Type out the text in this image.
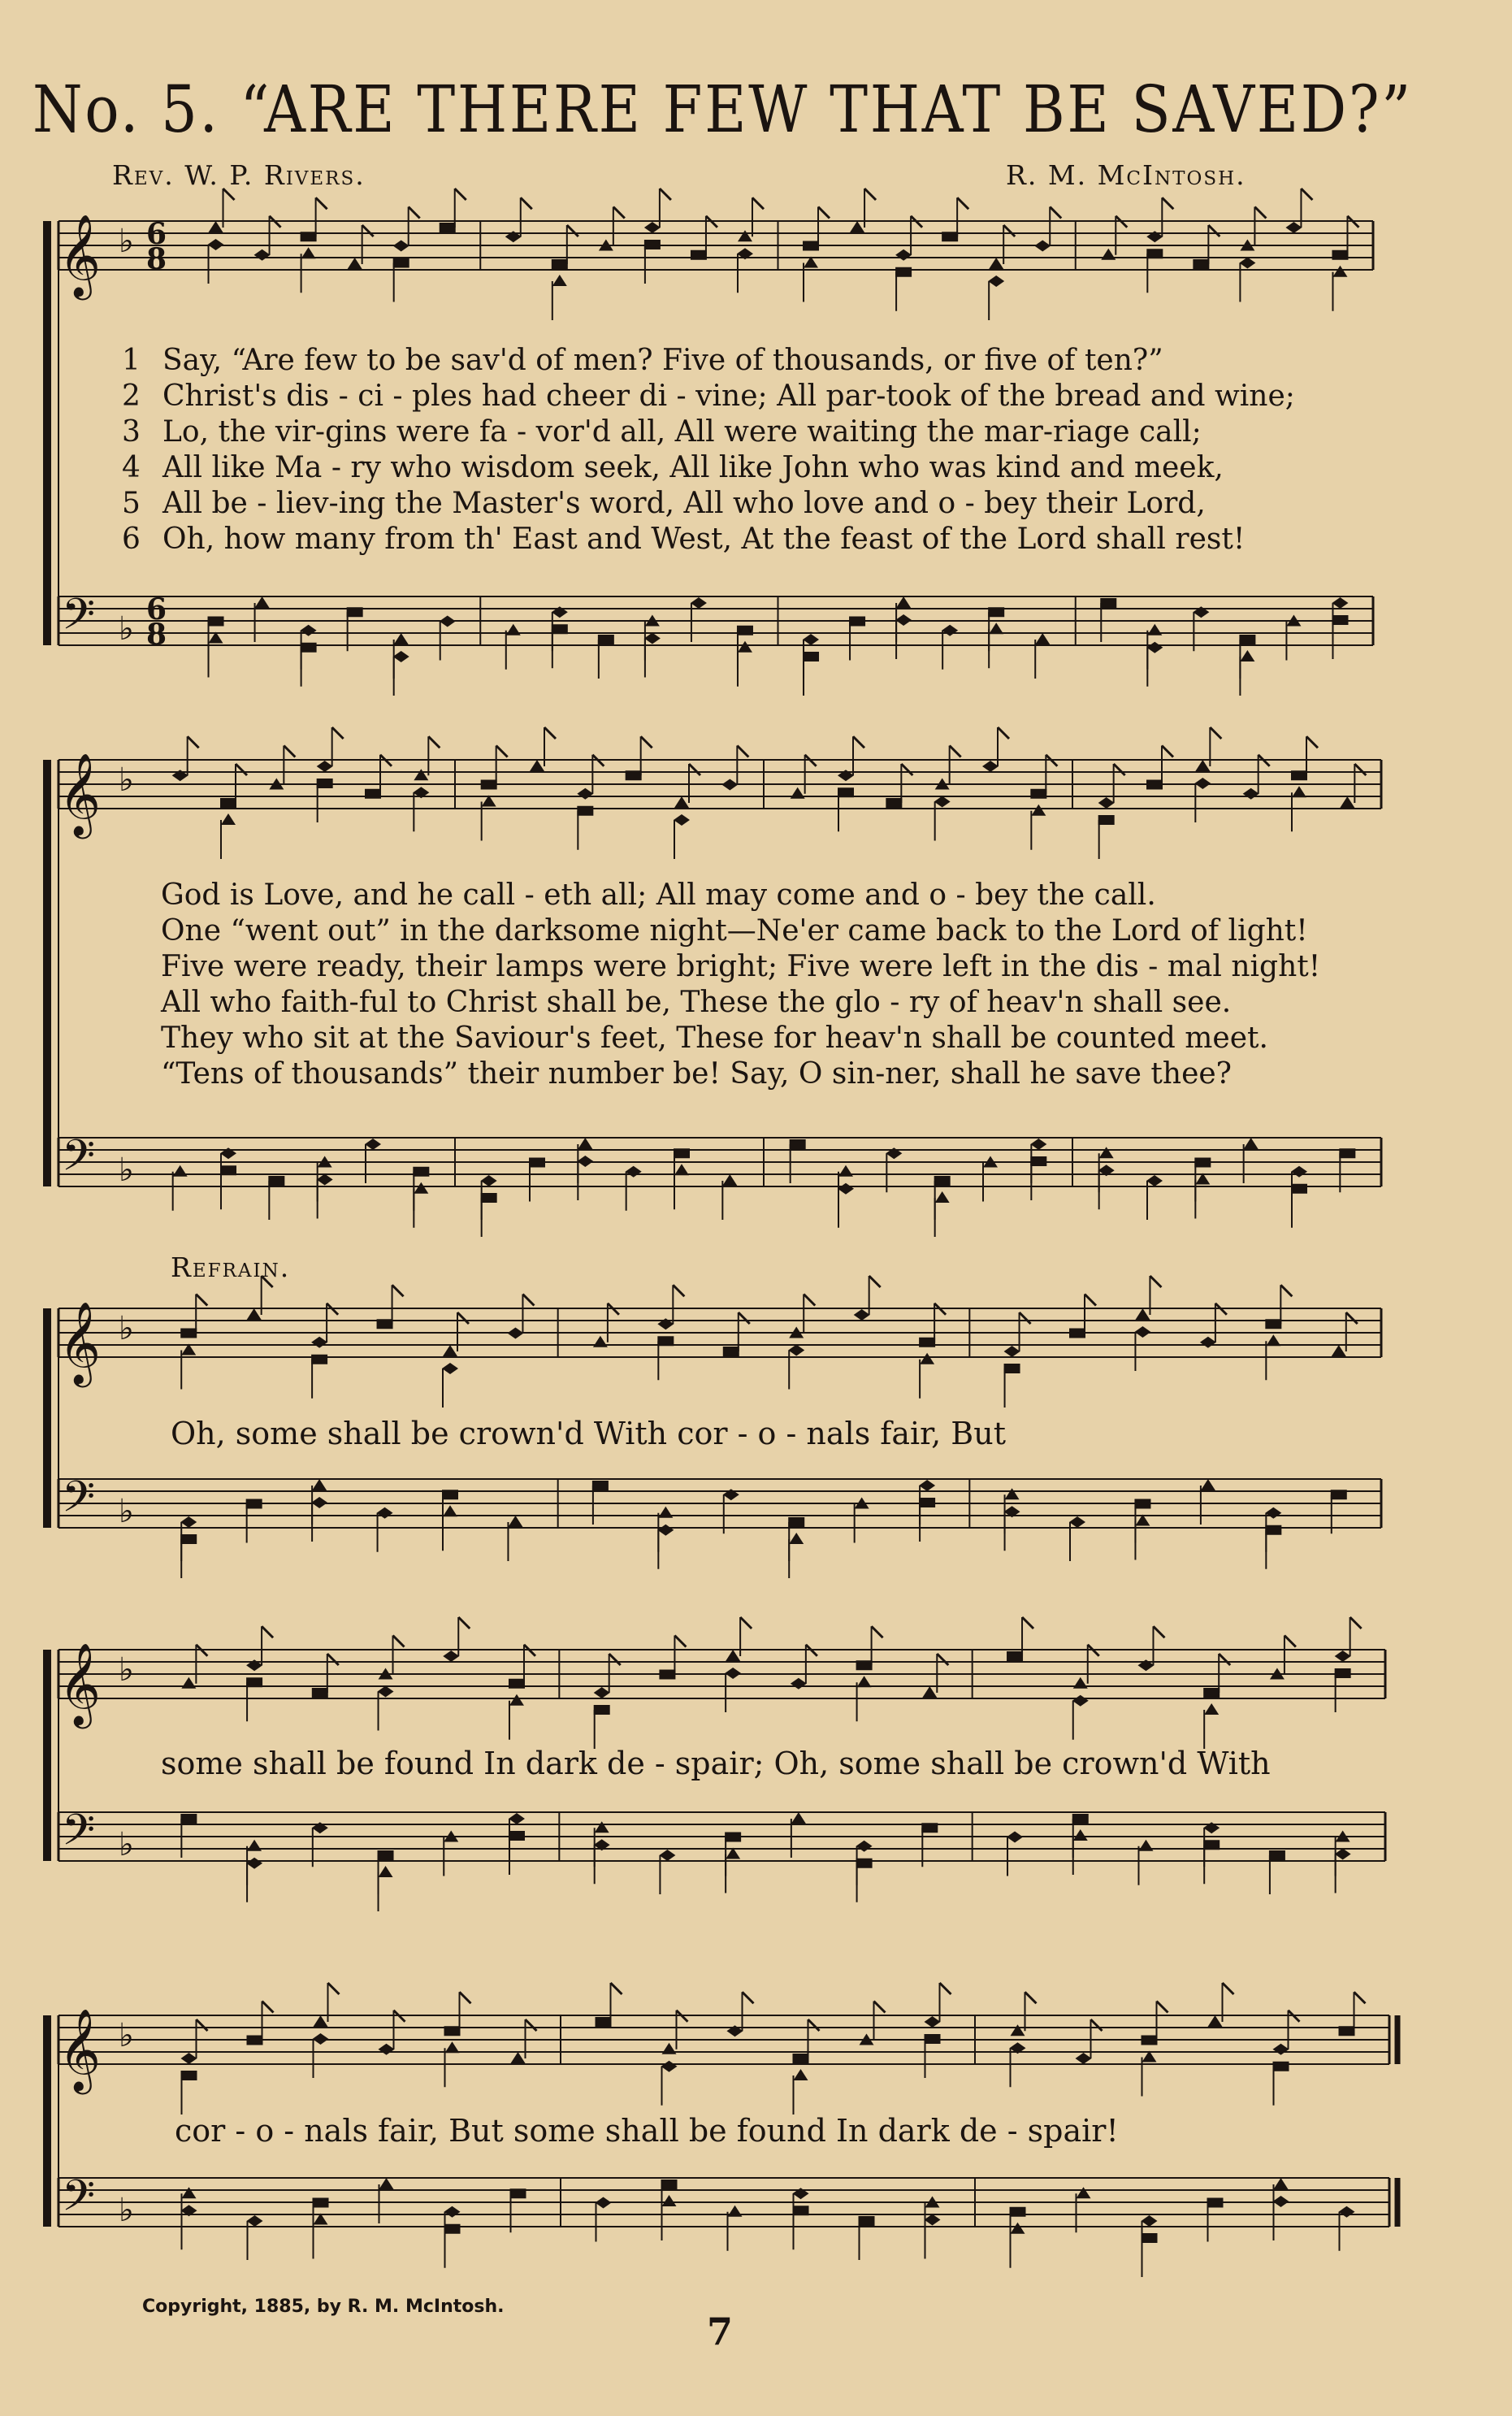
No. 5. “ARE THERE FEW THAT BE SAVED?”
Rev. W. P. Rivers.	R. M. McIntosh.
𝄞
𝄢
♭
♭
6
8
6
8
𝄞
𝄢
♭
♭
𝄞
𝄢
♭
♭
𝄞
𝄢
♭
♭
𝄞
𝄢
♭
♭
1 Say, “Are few to be sav'd of men? Five of thousands, or five of ten?”
2 Christ's dis - ci - ples had cheer di - vine; All par-took of the bread and wine;
3 Lo, the vir-gins were fa - vor'd all, All were waiting the mar-riage call;
4 All like Ma - ry who wisdom seek, All like John who was kind and meek,
5 All be - liev-ing the Master's word, All who love and o - bey their Lord,
6 Oh, how many from th' East and West, At the feast of the Lord shall rest!
God is Love, and he call - eth all; All may come and o - bey the call.
One “went out” in the darksome night—Ne'er came back to the Lord of light!
Five were ready, their lamps were bright; Five were left in the dis - mal night!
All who faith-ful to Christ shall be, These the glo - ry of heav'n shall see.
They who sit at the Saviour's feet, These for heav'n shall be counted meet.
“Tens of thousands” their number be! Say, O sin-ner, shall he save thee?
Refrain.
Oh, some shall be crown'd With cor - o - nals fair, But
some shall be found In dark de - spair; Oh, some shall be crown'd With
cor - o - nals fair, But some shall be found In dark de - spair!
Copyright, 1885, by R. M. McIntosh.
7
